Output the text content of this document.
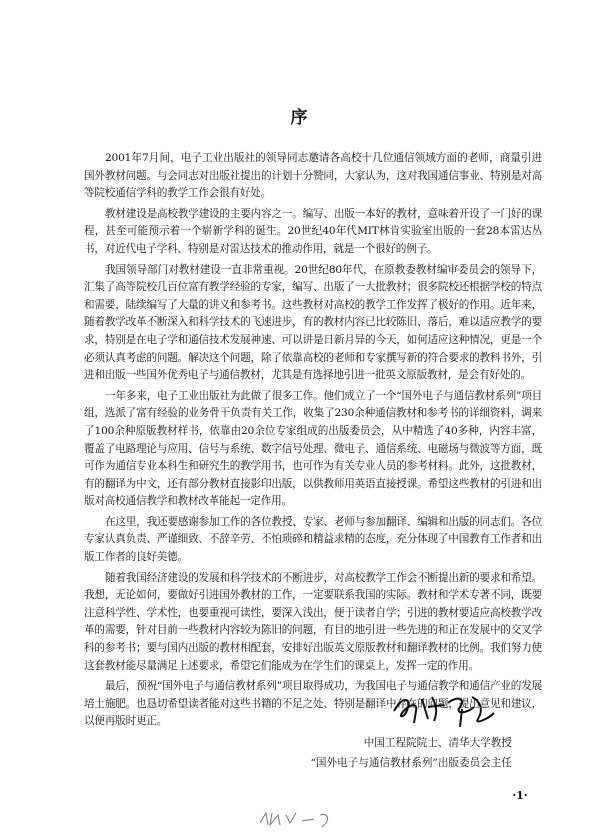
序

2001年7月间，电子工业出版社的领导同志邀请各高校十几位通信领域方面的老师，商量引进国外教材问题。与会同志对出版社提出的计划十分赞同，大家认为，这对我国通信事业、特别是对高等院校通信学科的教学工作会很有好处。

教材建设是高校教学建设的主要内容之一。编写、出版一本好的教材，意味着开设了一门好的课程，甚至可能预示着一个崭新学科的诞生。20世纪40年代MIT林肯实验室出版的一套28本雷达丛书，对近代电子学科、特别是对雷达技术的推动作用，就是一个很好的例子。

我国领导部门对教材建设一直非常重视。20世纪80年代，在原教委教材编审委员会的领导下，汇集了高等院校几百位富有教学经验的专家，编写、出版了一大批教材；很多院校还根据学校的特点和需要，陆续编写了大量的讲义和参考书。这些教材对高校的教学工作发挥了极好的作用。近年来，随着教学改革不断深入和科学技术的飞速进步，有的教材内容已比较陈旧、落后，难以适应教学的要求，特别是在电子学和通信技术发展神速、可以讲是日新月异的今天，如何适应这种情况，更是一个必须认真考虑的问题。解决这个问题，除了依靠高校的老师和专家撰写新的符合要求的教科书外，引进和出版一些国外优秀电子与通信教材，尤其是有选择地引进一批英文原版教材，是会有好处的。

一年多来，电子工业出版社为此做了很多工作。他们成立了一个“国外电子与通信教材系列”项目组，选派了富有经验的业务骨干负责有关工作，收集了230余种通信教材和参考书的详细资料，调来了100余种原版教材样书，依靠由20余位专家组成的出版委员会，从中精选了40多种，内容丰富，覆盖了电路理论与应用、信号与系统、数字信号处理、微电子、通信系统、电磁场与微波等方面，既可作为通信专业本科生和研究生的教学用书，也可作为有关专业人员的参考材料。此外，这批教材，有的翻译为中文，还有部分教材直接影印出版，以供教师用英语直接授课。希望这些教材的引进和出版对高校通信教学和教材改革能起一定作用。

在这里，我还要感谢参加工作的各位教授、专家、老师与参加翻译、编辑和出版的同志们。各位专家认真负责、严谨细致、不辞辛劳、不怕琐碎和精益求精的态度，充分体现了中国教育工作者和出版工作者的良好美德。

随着我国经济建设的发展和科学技术的不断进步，对高校教学工作会不断提出新的要求和希望。我想，无论如何，要做好引进国外教材的工作，一定要联系我国的实际。教材和学术专著不同，既要注意科学性、学术性，也要重视可读性，要深入浅出，便于读者自学；引进的教材要适应高校教学改革的需要，针对目前一些教材内容较为陈旧的问题，有目的地引进一些先进的和正在发展中的交叉学科的参考书；要与国内出版的教材相配套，安排好出版英文原版教材和翻译教材的比例。我们努力使这套教材能尽量满足上述要求，希望它们能成为在学生们的课桌上，发挥一定的作用。

最后，预祝“国外电子与通信教材系列”项目取得成功，为我国电子与通信教学和通信产业的发展培土施肥。也恳切希望读者能对这些书籍的不足之处、特别是翻译中存在的问题，提出意见和建议，以便再版时更正。

中国工程院院士、清华大学教授
“国外电子与通信教材系列”出版委员会主任
·1·
